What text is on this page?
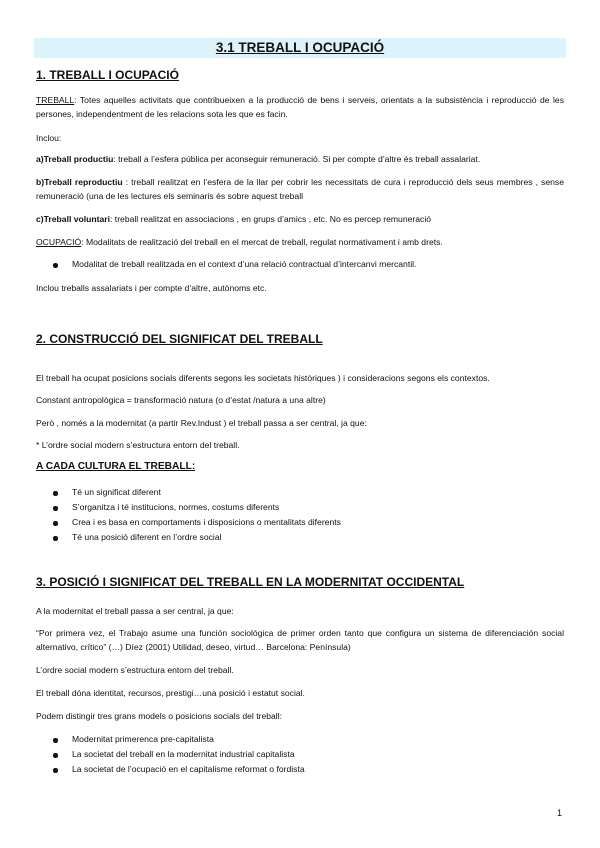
3.1 TREBALL I OCUPACIÓ
1. TREBALL I OCUPACIÓ
TREBALL: Totes aquelles activitats que contribueixen a la producció de bens i serveis, orientats a la subsistència i reproducció de les persones, independentment de les relacions sota les que es facin.
Inclou:
a)Treball productiu: treball a l’esfera pública per aconseguir remuneració. Si per compte d’altre és treball assalariat.
b)Treball reproductiu : treball realitzat en l’esfera de la llar per cobrir les necessitats de cura i reproducció dels seus membres , sense remuneració (una de les lectures els seminaris és sobre aquest treball
c)Treball voluntari: treball realitzat en associacions , en grups d’amics , etc. No es percep remuneració
OCUPACIÓ: Modalitats de realització del treball en el mercat de treball, regulat normativament i amb drets.
Modalitat de treball realitzada en el context d’una relació contractual d’intercanvi mercantil.
Inclou treballs assalariats i per compte d’altre, autònoms etc.
2. CONSTRUCCIÓ DEL SIGNIFICAT DEL TREBALL
El treball ha ocupat posicions socials diferents segons les societats històriques ) i consideracions segons els contextos.
Constant antropològica = transformació natura (o d’estat /natura a una altre)
Però , només a la modernitat (a partir Rev.Indust ) el treball passa a ser central, ja que:
* L’ordre social modern s’estructura entorn del treball.
A CADA CULTURA EL TREBALL:
Té un significat diferent
S’organitza i té institucions, normes, costums diferents
Crea i es basa en comportaments i disposicions o mentalitats diferents
Té una posició diferent en l’ordre social
3. POSICIÓ I SIGNIFICAT DEL TREBALL EN LA MODERNITAT OCCIDENTAL
A la modernitat el treball passa a ser central, ja que:
“Por primera vez, el Trabajo asume una función sociológica de primer orden tanto que configura un sistema de diferenciación social alternativo, crítico” (…) Díez (2001) Utilidad, deseo, virtud… Barcelona: Península)
L’ordre social modern s’estructura entorn del treball.
El treball dóna identitat, recursos, prestigi…una posició i estatut social.
Podem distingir tres grans models o posicions socials del treball:
Modernitat primerenca pre-capitalista
La societat del treball en la modernitat industrial capitalista
La societat de l’ocupació en el capitalisme reformat o fordista
1
